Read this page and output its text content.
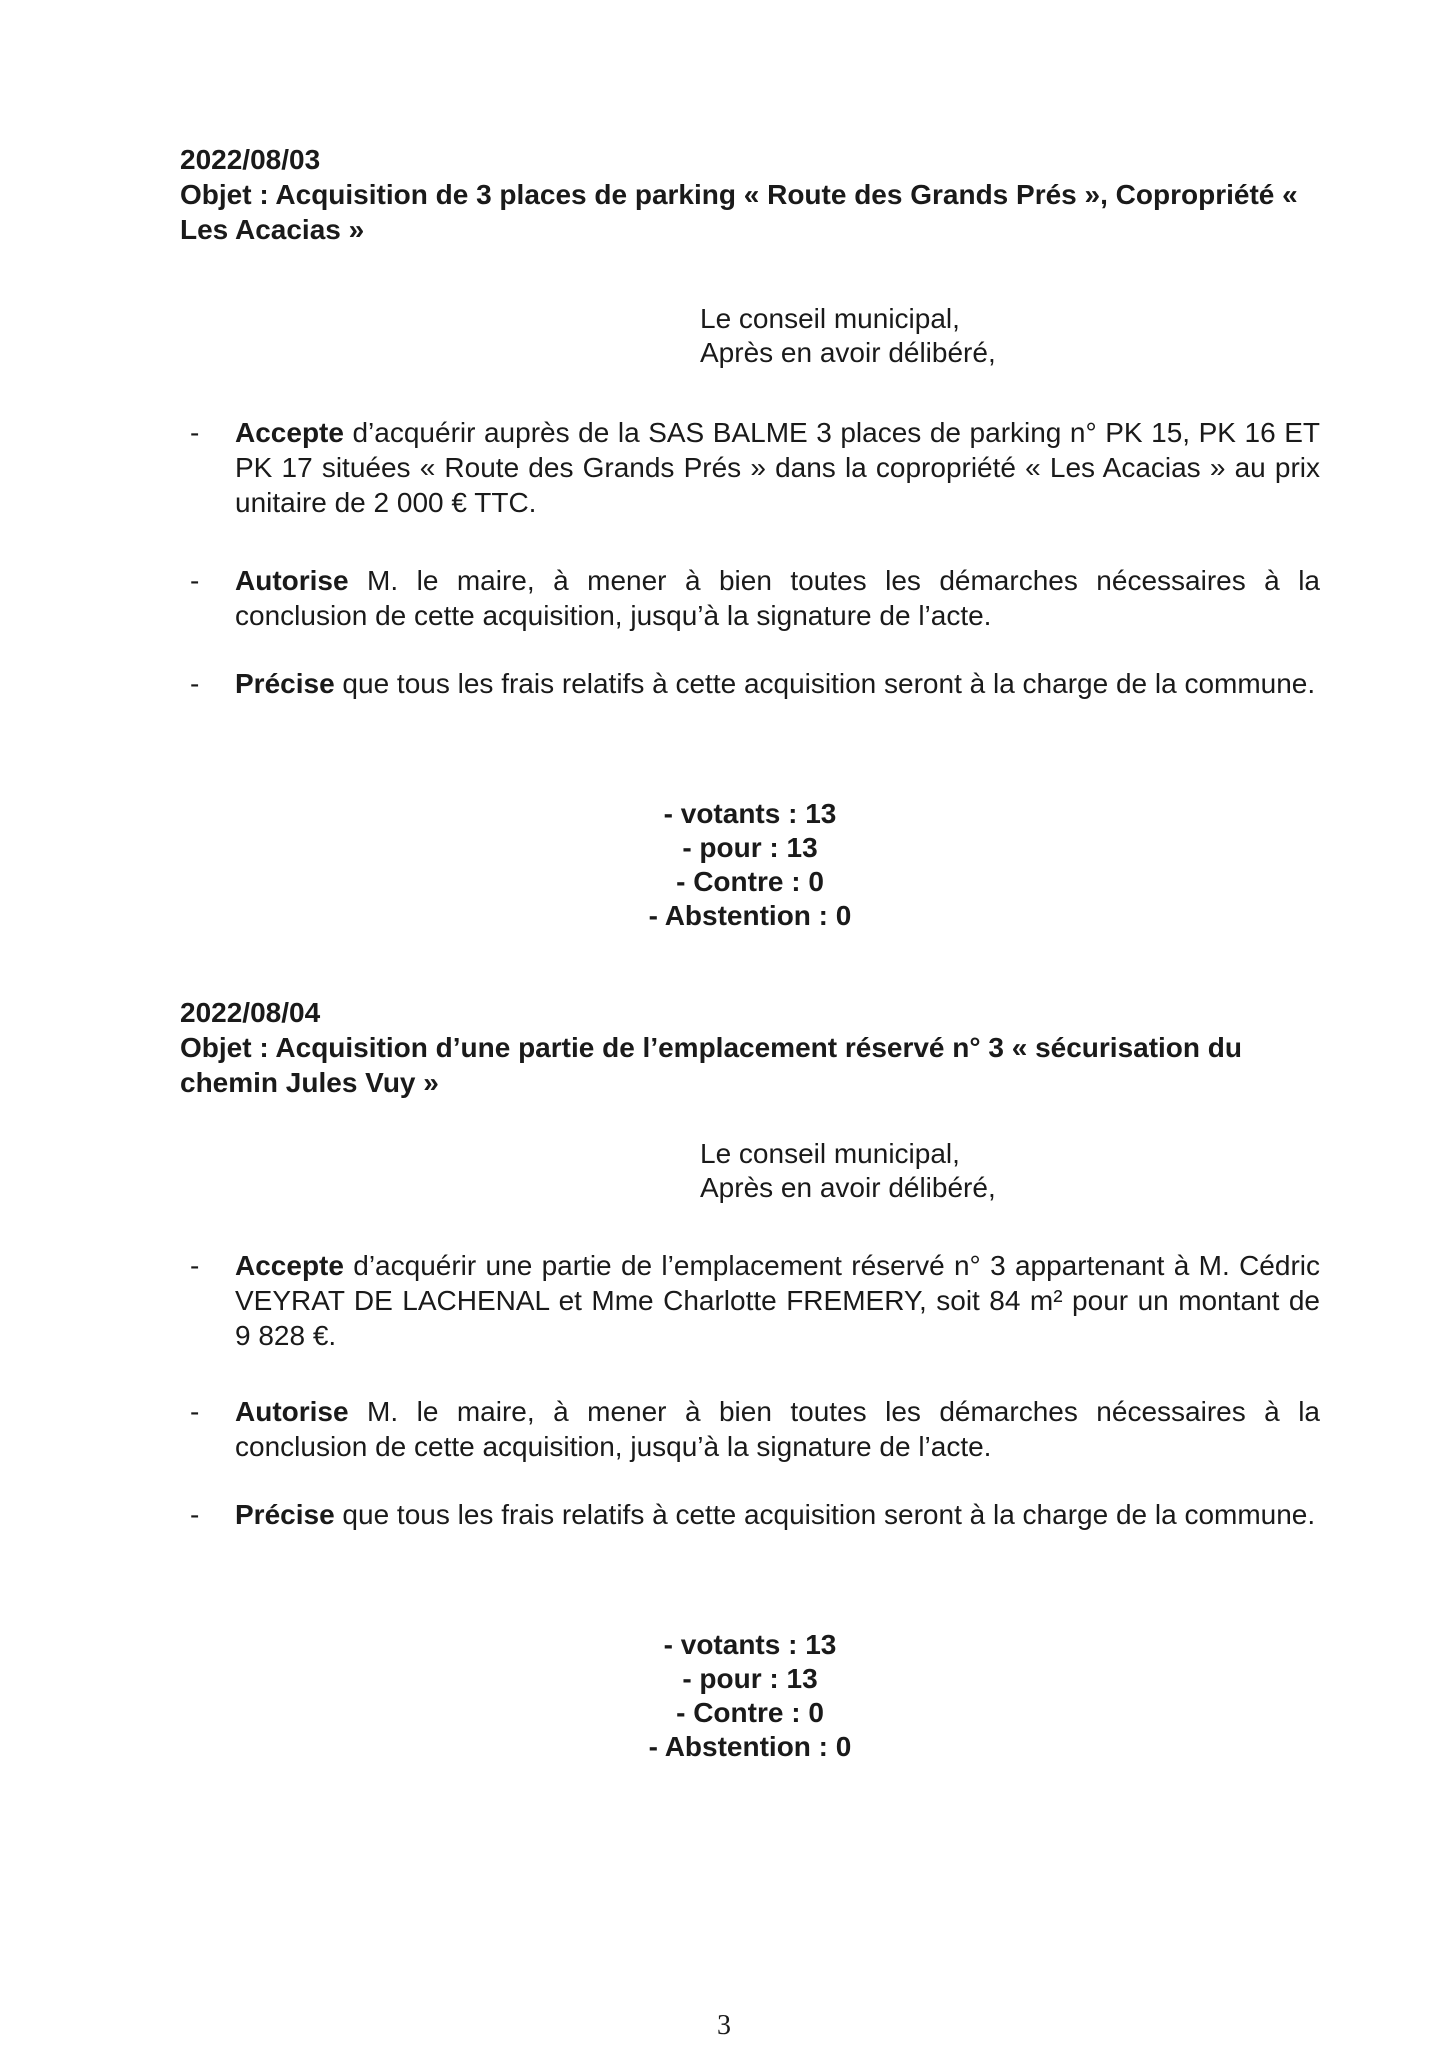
2022/08/03

Objet : Acquisition de 3 places de parking « Route des Grands Prés », Copropriété « Les Acacias »

Le conseil municipal,
Après en avoir délibéré,
- Accepte d’acquérir auprès de la SAS BALME 3 places de parking n° PK 15, PK 16 ET PK 17 situées « Route des Grands Prés » dans la copropriété « Les Acacias » au prix unitaire de 2 000 € TTC.
- Autorise M. le maire, à mener à bien toutes les démarches nécessaires à la conclusion de cette acquisition, jusqu’à la signature de l’acte.
- Précise que tous les frais relatifs à cette acquisition seront à la charge de la commune.
- votants : 13
- pour : 13
- Contre : 0
- Abstention : 0

2022/08/04

Objet : Acquisition d’une partie de l’emplacement réservé n° 3 « sécurisation du chemin Jules Vuy »

Le conseil municipal,
Après en avoir délibéré,
- Accepte d’acquérir une partie de l’emplacement réservé n° 3 appartenant à M. Cédric VEYRAT DE LACHENAL et Mme Charlotte FREMERY, soit 84 m² pour un montant de 9 828 €.
- Autorise M. le maire, à mener à bien toutes les démarches nécessaires à la conclusion de cette acquisition, jusqu’à la signature de l’acte.
- Précise que tous les frais relatifs à cette acquisition seront à la charge de la commune.
- votants : 13
- pour : 13
- Contre : 0
- Abstention : 0
3
